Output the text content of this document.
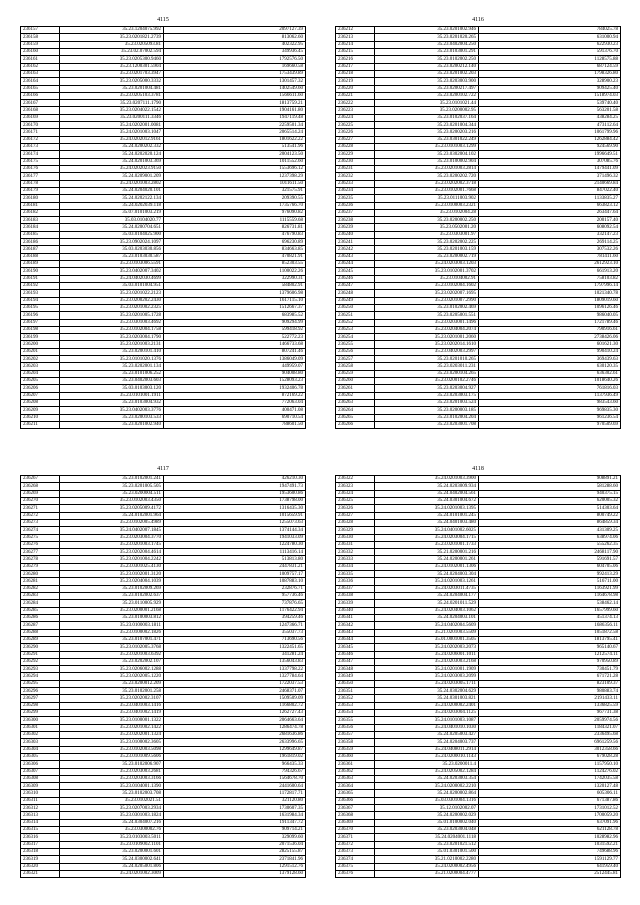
4115
236157	35.23.1204075.992	2097127.39
236158	35.23.0201821.2739	813062.60
236159	35.23.0205093.81	402322.95
236160	35.23.02.07002.594	349936.45
236161	35.23.0205300.9460	1792576.50
236162	35.23.1200301.5904	169660.58
236163	35.23.0201703.3947	1753439.89
236164	35.23.0205000.3332	1301457.32
236165	35.23.0201004.481	1402549.60
236166	35.23.0205103.3781	1566611.60
236167	35.23.0207111.1790	1813759.21
236168	35.23.0204022.1542	1904161.80
236169	35.23.0200111.3346	1947119.48
236170	35.24.0202001.0081	2259501.34
236171	35.24.0201003.1047	2065514.24
236172	35.24.0202012.9161	1801622.22
236173	35.24.0200202.332	513541.96
236174	35.24.0202020.124	2004123.50
236175	35.24.0201003.369	1011552.60
236176	35.24.0202023.9150	1553696.12
236177	35.24.0209001.209	1237398.29
236178	35.24.0201003.2802	1011611.50
236179	35.24.0204020.101	321575.91
236180	35.24.0202122.134	209390.55
236181	35.24.0202039.118	1735766.70
236182	35.07.0101003.219	976090.82
236183	35.03.0104020.77	1115559.68
236184	35.24.0200704.651	826731.81
236185	35.03.0104025.900	476790.83
236186	35.23.0902024.1097	696230.89
236187	35.03.0203030.856	834663.85
236188	35.23.0103030.587	470821.91
236189	35.23.0103006.5591	852303.55
236190	35.23.0402007.3402	1100022.26
236191	35.24.0402030.4699	322990.31
236192	35.03.0101004.951	584802.91
236193	35.23.0201022.2123	1379606.98
236194	35.23.0200202.2430	1617115.10
236195	35.23.0201002.2325	1512667.37
236196	35.23.0201005.1728	683985.52
236197	35.23.0301003.4692	909294.99
236198	35.23.0102004.1758	599418.92
236199	35.23.0203004.1790	522772.23
236200	35.23.0201003.2131	1466733.68
236201	35.23.0200101.410	807241.46
236202	35.23.0101020.1376	1386049.09
236203	35.23.0202001.134	449959.07
236204	35.23.0101006.252	904008.80
236205	35.23.0402003.603	1528093.23
236206	35.03.0103003.120	1932406.78
236207	35.23.0101001.1911	872169.22
236208	35.23.0103004.932	772063.04
236209	35.23.0402003.3776	400471.08
236210	35.23.0200103.533	690710.54
236211	35.23.0201002.940	788601.50
4116
236212	35.23.0201002.946	784025.78
236213	35.23.0201020.265	631000.94
236214	35.23.0402004.250	622930.23
236215	35.23.0103001.291	591376.70
236216	35.23.0102002.250	1128575.88
236217	35.23.0200212.140	687124.59
236218	35.23.0201002.203	1798326.80
236219	35.23.0203003.900	328900.23
236220	35.23.0200217.497	909425.40
236221	35.23.0200102.722	1518974.03
236222	35.23.0101021.44	539740.40
236223	35.23.0200002.95	563201.58
236224	35.23.0102037.164	438284.25
236225	35.23.0201004.344	473112.64
236226	35.23.0200203.216	1061799.96
236227	35.23.0301022.249	1262884.42
236228	35.23.0101003.1299	924569.90
236229	35.23.0302004.102	1996649.51
236230	35.23.0100002.904	307085.76
236231	35.23.0201003.2814	1479441.09
236232	35.23.0200202.720	371496.32
236233	35.23.0202002.3718	2140669.84
236234	35.23.0102001.7668	847022.40
236235	35.23.0111003.902	1133835.27
236236	35.23.0100003.2321	663823.12
236237	35.23.0102004.28	263447.64
236238	35.23.0200002.250	200157.40
236239	35.23.0502001.20	608092.54
236240	35.23.0303001.97	332147.23
236241	35.23.0202002.225	269114.25
236242	35.23.0201003.159	307532.26
236243	35.23.0200002.719	781411.60
236244	35.24.0203003.1203	2612923.10
236245	35.23.0102001.3702	661913.20
236246	35.23.0104002.91	758103.82
236247	35.23.0102004.1602	1797996.14
236248	35.23.0202007.1695	1021340.78
236249	35.23.0201007.2990	1809019.60
236250	35.23.0102002.469	1096126.46
236251	35.23.0205001.551	986040.05
236252	35.23.0203001.1496	1721789.46
236253	35.23.0204004.2074	790916.61
236254	35.23.0201001.2060	2738426.06
236255	35.23.0202014.1610	601621.30
236256	35.23.0402003.2997	990410.24
236257	35.23.0201010.265	369439.63
236258	35.23.0203011.231	630120.35
236259	35.23.0200104.265	636302.61
236260	35.23.0200102.2746	1018640.26
236261	35.23.0203004.927	761816.03
236262	35.23.0203003.175	1137936.49
236263	35.23.0201003.524	983543.60
236264	35.23.0200003.185	969835.30
236265	35.23.0102004.204	961236.54
236266	35.23.0203001.708	970509.69
4117
236267	35.23.0102001.241	426210.30
236268	35.23.0201005.505	1947491.73
236269	35.23.0200004.511	1953600.86
236270	35.23.0102003.4350	1738798.00
236271	35.23.0205009.4172	1316435.30
236272	35.24.0102001.964	1015659.91
236273	35.23.0102005.4989	1255073.63
236274	35.24.0402007.1845	1374144.34
236275	35.23.0203004.3770	1941033.09
236276	35.23.0201003.1745	1224780.30
236277	35.23.0202004.4614	1113416.14
236278	35.23.0201004.2242	513813.80
236279	35.23.0301025.4130	2447831.21
236280	35.23.0102001.3120	1009757.17
236281	35.23.0204004.1039	1087883.10
236282	35.23.0102009.269	232876.71
236283	35.23.0102002.637	957736.46
236284	35.23.0110005.929	737876.65
236285	35.23.0200001.2168	1176422.94
236286	35.23.0100003.812	394259.46
236287	35.23.0100003.1811	1247366.71
236288	35.23.0100002.1826	355037.73
236289	35.23.0107001.471	713690.56
236290	35.23.0102005.3768	1322451.65
236291	35.23.0201003.6392	341281.24
236292	35.23.0202002.107	1356043.83
236293	35.23.0206002.1288	1337798.22
236294	35.23.0202005.1220	1327784.64
236295	35.23.0200012.209	1722037.53
236296	35.23.0102001.258	2468371.07
236297	35.23.0202002.3107	1509509.09
236298	35.23.0401003.1416	1166802.72
236299	35.23.0401002.1419	1262727.43
236300	35.23.0100001.1322	2064663.64
236301	35.23.0201002.1422	1286474.78
236302	35.23.0202001.1324	2681636.86
236303	35.23.0100002.3605	2633996.65
236304	35.23.0102003.5098	1299649.87
236305	35.23.0101009.5606	1961819.02
236306	35.23.0102006.907	966435.33
236307	35.23.0203003.2681	794326.67
236308	35.23.0203003.3166	1564678.70
236309	35.23.0104001.1390	2441600.64
236310	35.23.0102003.708	1172817.71
236311	35.23.0102021.51	321120.80
236312	35.23.0207003.2934	1730607.35
236313	35.23.0301003.1824	1631984.34
236314	35.24.0304007.216	1911347.72
236315	35.23.0300002.76	909714.21
236316	35.23.0103003.5011	329099.60
236317	35.23.0109002.1101	2071536.04
236318	35.23.0200001.601	2825155.87
236319	35.24.0300002.641	2371841.96
236320	35.24.0205001.806	1291512.76
236321	35.24.0201002.3009	1379128.60
4118
236322	35.24.0201003.3900	908891.21
236323	35.24.0203009.934	581288.60
236324	35.24.0402004.561	940375.15
236325	35.24.0301004.672	620005.32
236326	35.24.0201003.1395	514303.64
236327	35.24.0101001.245	800749.22
236328	35.24.0401003.480	864859.34
236329	35.24.0401002.6025	431309.25
236330	35.24.0203004.1715	638974.06
236331	35.23.0201001.1733	555262.35
236332	35.21.0200001.216	2468117.90
236333	35.24.0200001.261	591691.57
236334	35.24.0102001.1306	604705.06
236335	35.24.0204003.304	992413.29
236336	35.24.0201003.1261	516711.00
236337	35.24.0203011.4735	1163921.99
236338	35.24.0204004.177	1164678.98
236339	35.24.0201011.529	538462.14
236340	35.24.0204003.1062	1657999.60
236341	35.24.0204003.101	451374.13
236342	35.24.0402004.5609	1686356.11
236343	35.21.0201003.5509	1051872.58
236344	35.01.0001001.3505	1813795.41
236345	35.24.0202003.2073	965140.67
236346	35.24.0206001.1011	1212574.11
236347	35.24.0203003.2168	970950.89
236348	35.24.0201001.1909	730451.79
236349	35.24.0203003.2099	671721.28
236350	35.24.0203005.1711	823109.37
236351	35.24.0302004.629	980883.74
236352	35.24.0301003.821	2191433.11
236353	35.24.0200002.2401	1336825.59
236354	35.24.0203004.1125	967731.38
236355	35.24.0101003.1087	2059974.56
236356	35.24.0401010.1030	1184321.07
236357	35.24.0205003.427	2336495.68
236358	35.24.0204003.737	6961259.56
236359	35.24.0408011.2914	3012358.66
236360	35.24.0200010.1143	679028.28
236361	35.23.0200011.4	1157950.10
236362	35.24.0205002.1284	1124276.02
236363	35.24.0203003.354	1742035.58
236364	35.24.0200002.2210	1320127.48
236365	35.24.0200002.864	605306.11
236366	35.03.0301004.1316	671387.86
236367	35.12.0102002.07	1731012.52
236368	35.24.0200002.029	1700059.20
236369	35.01.0100002.040	637091.96
236370	35.23.0203004.048	621128.78
236371	35.24.0204001.1118	1028982.96
236372	35.23.0201021.512	1031592.21
236373	35.01.0301001.500	749688.96
236374	35.21.0210002.2280	1591129.77
236375	35.24.0200002.4956	641959.40
236376	35.21.0200004.4777	2512445.81
